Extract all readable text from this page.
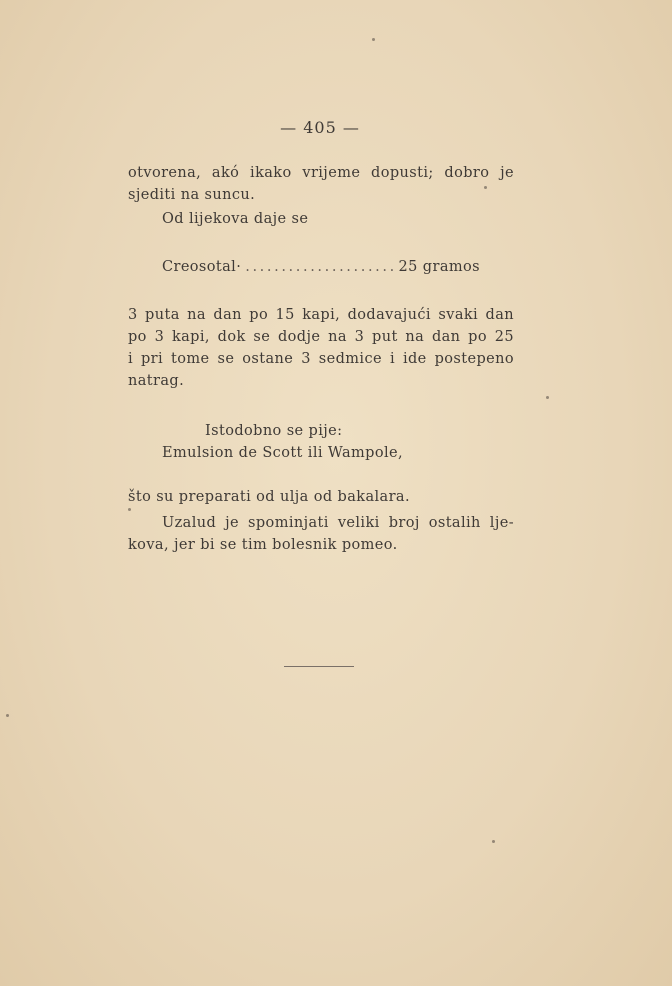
— 405 —
otvorena, akó ikako vrijeme dopusti; dobro je
sjediti na suncu.
Od lijekova daje se
Creosotal·
. . .	25 gramos
3 puta na dan po 15 kapi, dodavajući svaki dan
po 3 kapi, dok se dodje na 3 put na dan po 25
i pri tome se ostane 3 sedmice i ide postepeno
natrag.
Istodobno se pije:
Emulsion de Scott ili Wampole,
što su preparati od ulja od bakalara.
Uzalud je spominjati veliki broj ostalih lje-
kova, jer bi se tim bolesnik pomeo.
